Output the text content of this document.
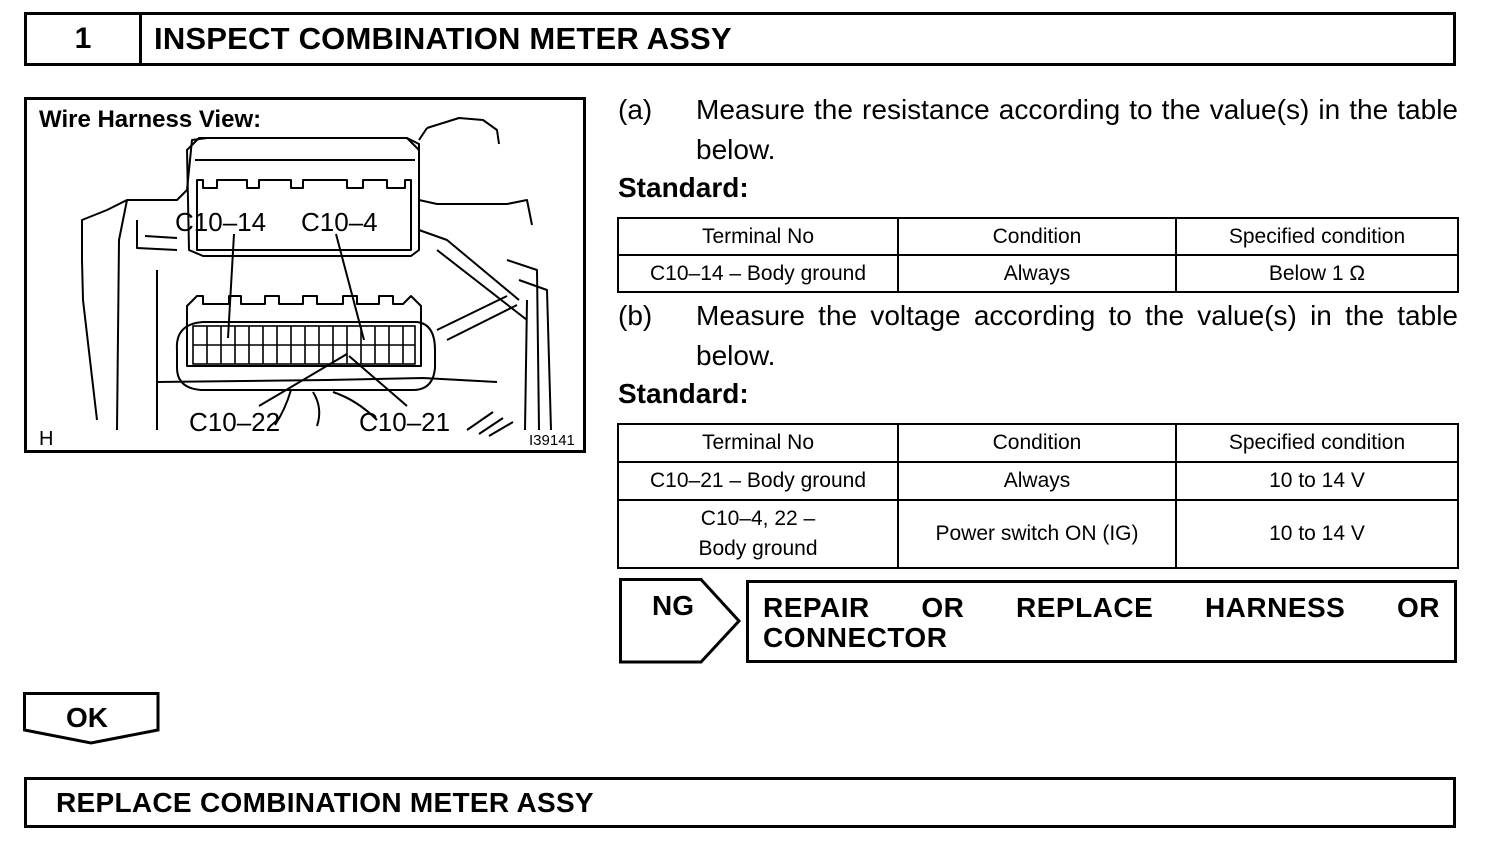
1	INSPECT COMBINATION METER ASSY
C10–14 C10–4
C10–22	C10–21
H	I39141
Wire Harness View:	(a)	Measure the resistance according to the value(s) in the table below.
Standard:
Terminal No	Condition	Specified condition
C10–14 – Body ground	Always	Below 1 Ω
(b)	Measure the voltage according to the value(s) in the table below.
Standard:
Terminal No	Condition	Specified condition
C10–21 – Body ground	Always	10 to 14 V

C10–4, 22 –
Body ground	Power switch ON (IG)	10 to 14 V
NG REPAIR OR REPLACE HARNESS OR
CONNECTOR
OK
REPLACE COMBINATION METER ASSY
